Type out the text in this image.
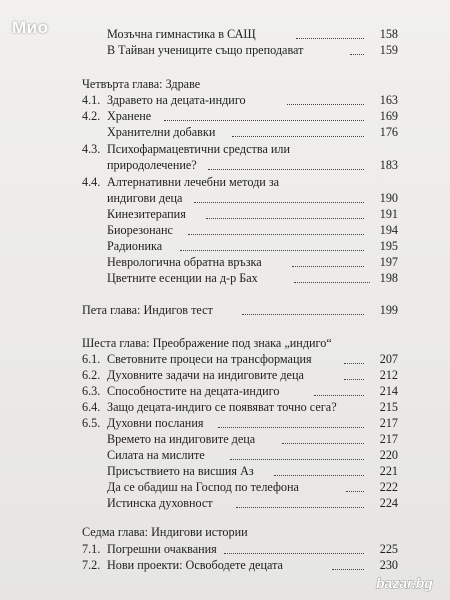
Мозъчна гимнастика в САЩ	158
В Тайван учениците също преподават	159
Четвърта глава: Здраве
4.1. Здравето на децата-индиго	163
4.2. Хранене	169
Хранителни добавки	176
4.3. Психофармацевтични средства или
природолечение?	183
4.4. Алтернативни лечебни методи за
индигови деца	190
Кинезитерапия	191
Биорезонанс	194
Радионика	195
Неврологична обратна връзка	197
Цветните есенции на д-р Бах	198
Пета глава: Индигов тест	199
Шеста глава: Преображение под знака „индиго“
6.1. Световните процеси на трансформация	207
6.2. Духовните задачи на индиговите деца	212
6.3. Способностите на децата-индиго	214
6.4. Защо децата-индиго се появяват точно сега?	215
6.5. Духовни послания	217
Времето на индиговите деца	217
Силата на мислите	220
Присъствието на висшия Аз	221
Да се обадиш на Господ по телефона	222
Истинска духовност	224
Седма глава: Индигови истории
7.1. Погрешни очаквания	225
7.2. Нови проекти: Освободете децата	230
Мио
bazar.bg
